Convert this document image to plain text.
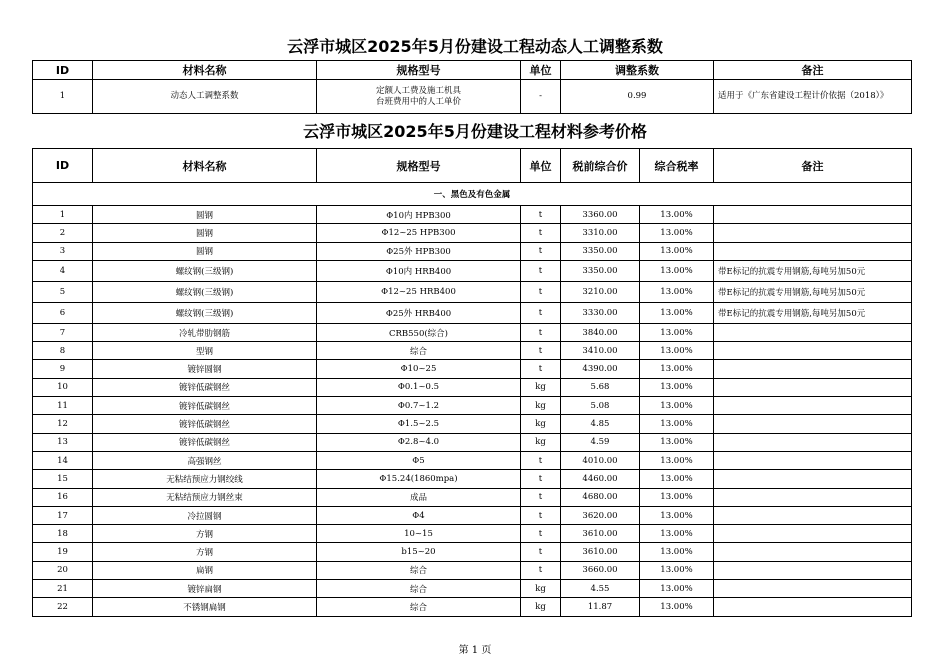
云浮市城区2025年5月份建设工程动态人工调整系数
ID	材料名称	规格型号	单位	调整系数	备注
1	动态人工调整系数	定额人工费及施工机具
台班费用中的人工单价	-	0.99	适用于《广东省建设工程计价依据（2018）》
云浮市城区2025年5月份建设工程材料参考价格
ID	材料名称	规格型号	单位	税前综合价	综合税率	备注
一、黑色及有色金属						
1	圆钢	Φ10内 HPB300	t	3360.00	13.00%	
2	圆钢	Φ12~25 HPB300	t	3310.00	13.00%	
3	圆钢	Φ25外 HPB300	t	3350.00	13.00%	
4	螺纹钢(三级钢)	Φ10内 HRB400	t	3350.00	13.00%	带E标记的抗震专用钢筋,每吨另加50元
5	螺纹钢(三级钢)	Φ12~25 HRB400	t	3210.00	13.00%	带E标记的抗震专用钢筋,每吨另加50元
6	螺纹钢(三级钢)	Φ25外 HRB400	t	3330.00	13.00%	带E标记的抗震专用钢筋,每吨另加50元
7	冷轧带肋钢筋	CRB550(综合)	t	3840.00	13.00%	
8	型钢	综合	t	3410.00	13.00%	
9	镀锌圆钢	Φ10~25	t	4390.00	13.00%	
10	镀锌低碳钢丝	Φ0.1~0.5	kg	5.68	13.00%	
11	镀锌低碳钢丝	Φ0.7~1.2	kg	5.08	13.00%	
12	镀锌低碳钢丝	Φ1.5~2.5	kg	4.85	13.00%	
13	镀锌低碳钢丝	Φ2.8~4.0	kg	4.59	13.00%	
14	高强钢丝	Φ5	t	4010.00	13.00%	
15	无粘结预应力钢绞线	Φ15.24(1860mpa)	t	4460.00	13.00%	
16	无粘结预应力钢丝束	成品	t	4680.00	13.00%	
17	冷拉圆钢	Φ4	t	3620.00	13.00%	
18	方钢	10~15	t	3610.00	13.00%	
19	方钢	b15~20	t	3610.00	13.00%	
20	扁钢	综合	t	3660.00	13.00%	
21	镀锌扁钢	综合	kg	4.55	13.00%	
22	不锈钢扁钢	综合	kg	11.87	13.00%	
第 1 页
